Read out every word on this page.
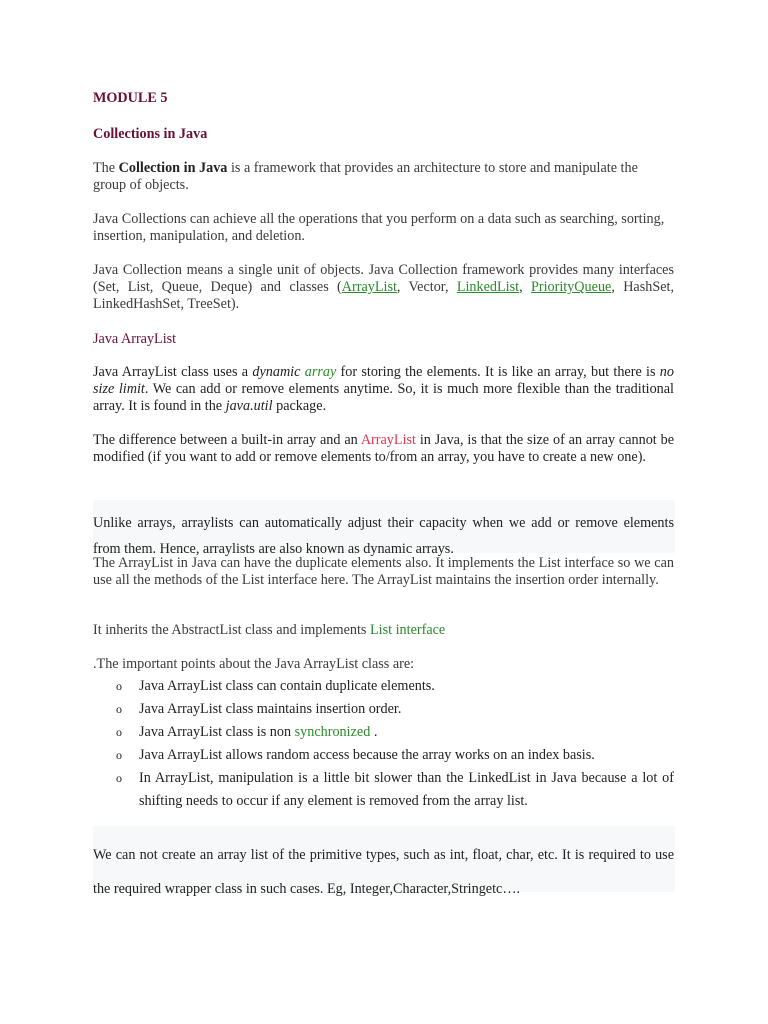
MODULE 5

Collections in Java

The Collection in Java is a framework that provides an architecture to store and manipulate the group of objects.

Java Collections can achieve all the operations that you perform on a data such as searching, sorting, insertion, manipulation, and deletion.

Java Collection means a single unit of objects. Java Collection framework provides many interfaces (Set, List, Queue, Deque) and classes (ArrayList, Vector, LinkedList, PriorityQueue, HashSet, LinkedHashSet, TreeSet).

Java ArrayList

Java ArrayList class uses a dynamic array for storing the elements. It is like an array, but there is no size limit. We can add or remove elements anytime. So, it is much more flexible than the traditional array. It is found in the java.util package.

The difference between a built-in array and an ArrayList in Java, is that the size of an array cannot be modified (if you want to add or remove elements to/from an array, you have to create a new one).

Unlike arrays, arraylists can automatically adjust their capacity when we add or remove elements from them. Hence, arraylists are also known as dynamic arrays.

The ArrayList in Java can have the duplicate elements also. It implements the List interface so we can use all the methods of the List interface here. The ArrayList maintains the insertion order internally.

It inherits the AbstractList class and implements List interface

.The important points about the Java ArrayList class are:

o Java ArrayList class can contain duplicate elements.
o Java ArrayList class maintains insertion order.
o Java ArrayList class is non synchronized .
o Java ArrayList allows random access because the array works on an index basis.
o In ArrayList, manipulation is a little bit slower than the LinkedList in Java because a lot of shifting needs to occur if any element is removed from the array list.

We can not create an array list of the primitive types, such as int, float, char, etc. It is required to use the required wrapper class in such cases. Eg, Integer,Character,Stringetc….
